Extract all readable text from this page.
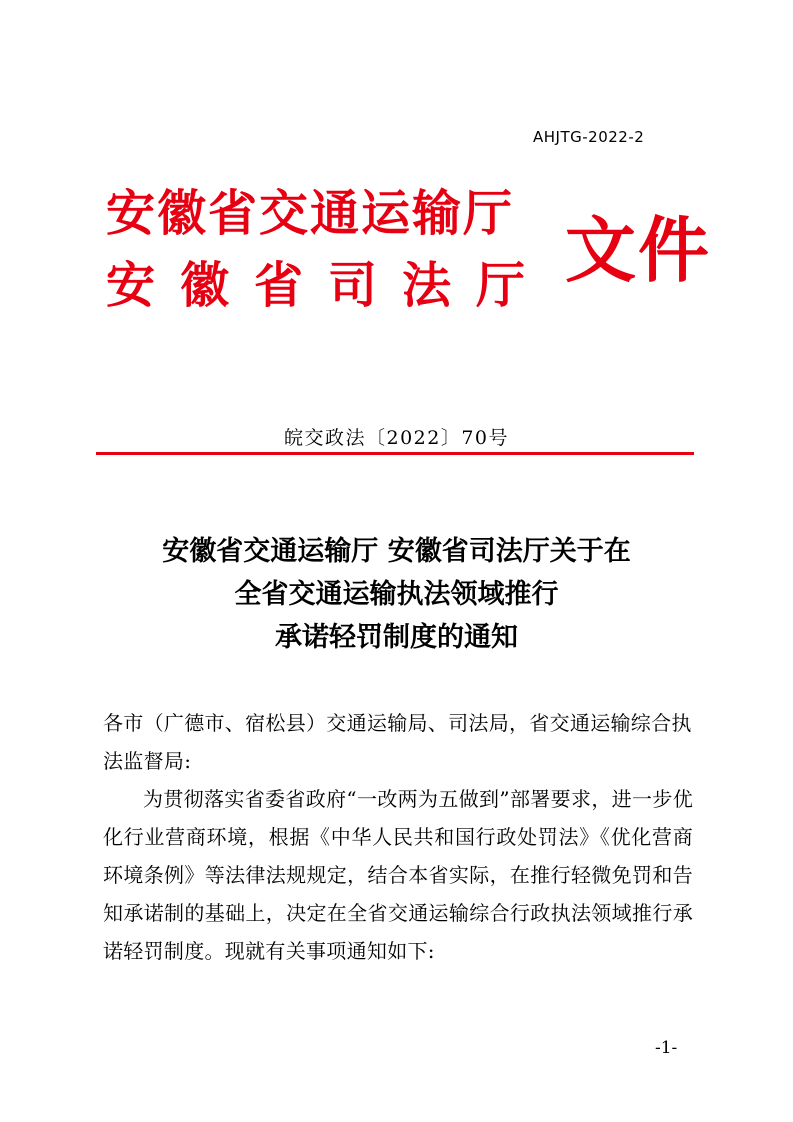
AHJTG-2022-2
安徽省交通运输厅
安徽省司法厅 文件
皖交政法〔2022〕70号
安徽省交通运输厅 安徽省司法厅关于在
全省交通运输执法领域推行
承诺轻罚制度的通知

各市（广德市、宿松县）交通运输局、司法局，省交通运输综合执法监督局:

为贯彻落实省委省政府“一改两为五做到”部署要求，进一步优化行业营商环境，根据《中华人民共和国行政处罚法》《优化营商环境条例》等法律法规规定，结合本省实际，在推行轻微免罚和告知承诺制的基础上，决定在全省交通运输综合行政执法领域推行承诺轻罚制度。现就有关事项通知如下:

-1-
